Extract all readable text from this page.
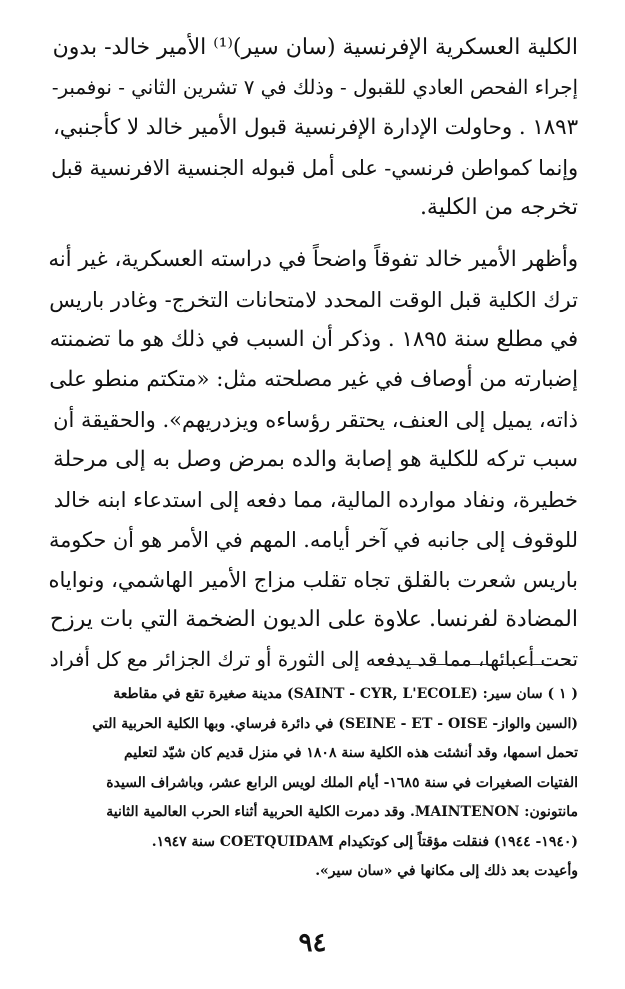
الكلية العسكرية الإفرنسية (سان سير)⁽¹⁾ الأمير خالد- بدون
إجراء الفحص العادي للقبول - وذلك في ٧ تشرين الثاني - نوفمبر-
١٨٩٣ . وحاولت الإدارة الإفرنسية قبول الأمير خالد لا كأجنبي،
وإنما كمواطن فرنسي- على أمل قبوله الجنسية الافرنسية قبل
تخرجه من الكلية.
وأظهر الأمير خالد تفوقاً واضحاً في دراسته العسكرية، غير أنه
ترك الكلية قبل الوقت المحدد لامتحانات التخرج- وغادر باريس
في مطلع سنة ١٨٩٥ . وذكر أن السبب في ذلك هو ما تضمنته
إضبارته من أوصاف في غير مصلحته مثل: «متكتم منطو على
ذاته، يميل إلى العنف، يحتقر رؤساءه ويزدريهم». والحقيقة أن
سبب تركه للكلية هو إصابة والده بمرض وصل به إلى مرحلة
خطيرة، ونفاد موارده المالية، مما دفعه إلى استدعاء ابنه خالد
للوقوف إلى جانبه في آخر أيامه. المهم في الأمر هو أن حكومة
باريس شعرت بالقلق تجاه تقلب مزاج الأمير الهاشمي، ونواياه
المضادة لفرنسا. علاوة على الديون الضخمة التي بات يرزح
تحت أعبائها، مما قد يدفعه إلى الثورة أو ترك الجزائر مع كل أفراد
( ١ ) سان سير: (SAINT - CYR, L'ECOLE) مدينة صغيرة تقع في مقاطعة
(السين والواز- SEINE - ET - OISE) في دائرة فرساي. وبها الكلية الحربية التي
تحمل اسمها، وقد أنشئت هذه الكلية سنة ١٨٠٨ في منزل قديم كان شيّد لتعليم
الفتيات الصغيرات في سنة ١٦٨٥- أيام الملك لويس الرابع عشر، وباشراف السيدة
مانتونون: MAINTENON. وقد دمرت الكلية الحربية أثناء الحرب العالمية الثانية
(١٩٤٠- ١٩٤٤) فنقلت مؤقتاً إلى كوتكيدام COETQUIDAM سنة ١٩٤٧.
وأعيدت بعد ذلك إلى مكانها في «سان سير».
٩٤
